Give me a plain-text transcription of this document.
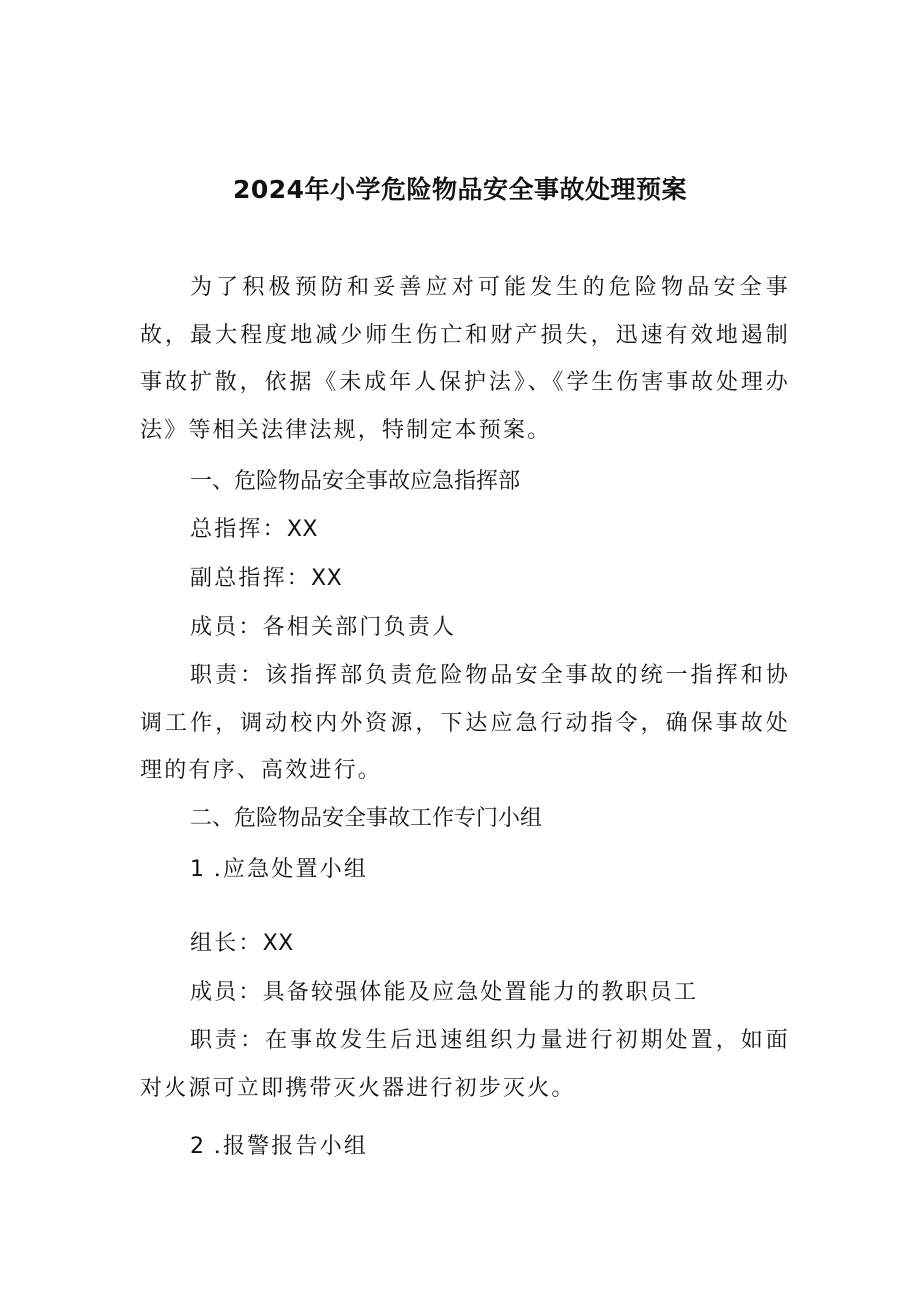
2024年小学危险物品安全事故处理预案

为了积极预防和妥善应对可能发生的危险物品安全事故，最大程度地减少师生伤亡和财产损失，迅速有效地遏制事故扩散，依据《未成年人保护法》、《学生伤害事故处理办法》等相关法律法规，特制定本预案。

一、危险物品安全事故应急指挥部

总指挥：XX

副总指挥：XX

成员：各相关部门负责人

职责：该指挥部负责危险物品安全事故的统一指挥和协调工作，调动校内外资源，下达应急行动指令，确保事故处理的有序、高效进行。

二、危险物品安全事故工作专门小组

1 .应急处置小组

组长：XX

成员：具备较强体能及应急处置能力的教职员工

职责：在事故发生后迅速组织力量进行初期处置，如面对火源可立即携带灭火器进行初步灭火。

2 .报警报告小组
